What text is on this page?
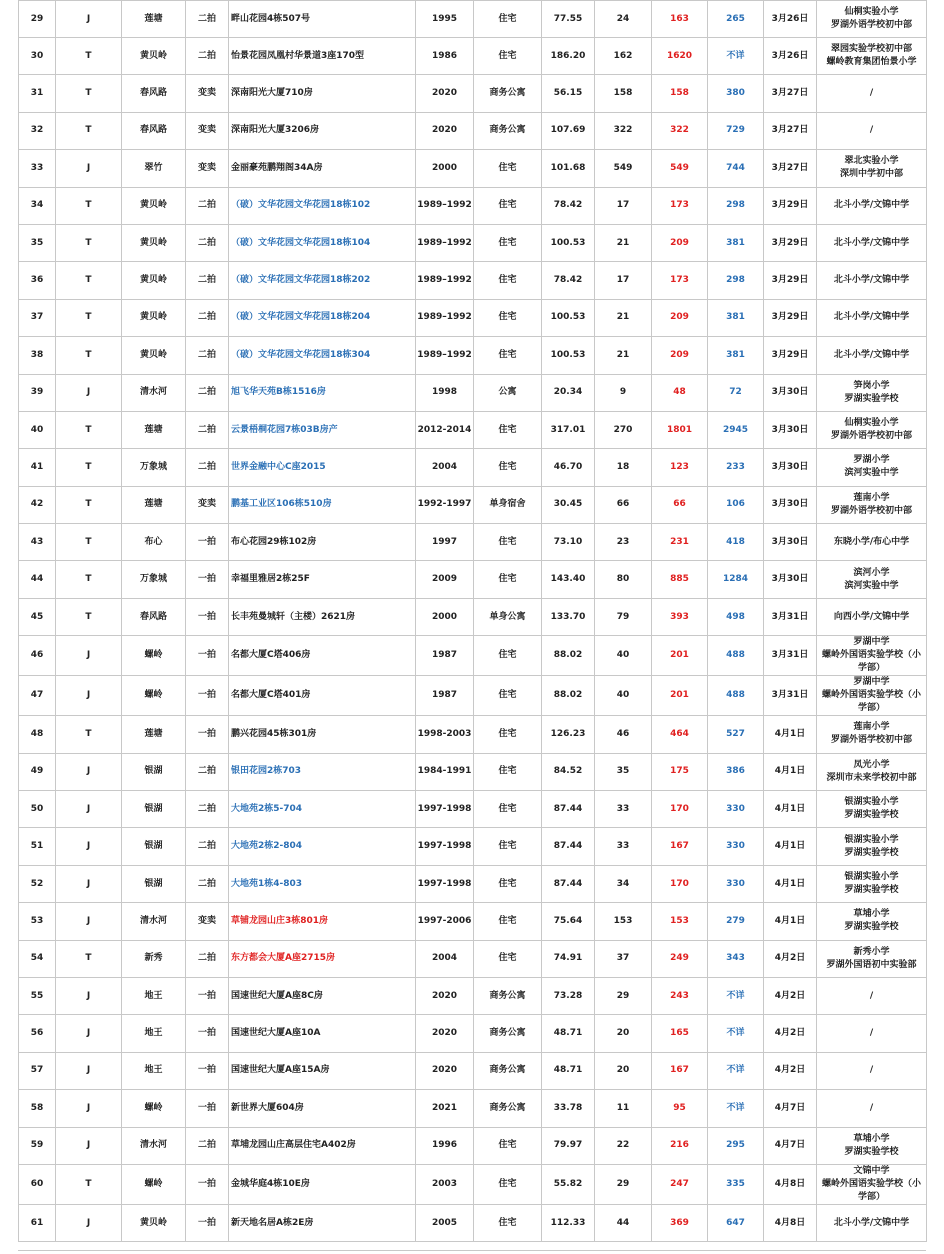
29	J	莲塘	二拍	畔山花园4栋507号	1995	住宅	77.55	24	163	265	3月26日	仙桐实验小学
罗湖外语学校初中部

30	T	黄贝岭	二拍	怡景花园凤凰村华景道3座170型	1986	住宅	186.20	162	1620	不详	3月26日	翠园实验学校初中部
螺岭教育集团怡景小学

31	T	春风路	变卖	深南阳光大厦710房	2020	商务公寓	56.15	158	158	380	3月27日	/

32	T	春风路	变卖	深南阳光大厦3206房	2020	商务公寓	107.69	322	322	729	3月27日	/

33	J	翠竹	变卖	金丽豪苑鹏翔阁34A房	2000	住宅	101.68	549	549	744	3月27日	翠北实验小学
深圳中学初中部

34	T	黄贝岭	二拍	（破）文华花园文华花园18栋102	1989–1992	住宅	78.42	17	173	298	3月29日	北斗小学/文锦中学

35	T	黄贝岭	二拍	（破）文华花园文华花园18栋104	1989–1992	住宅	100.53	21	209	381	3月29日	北斗小学/文锦中学

36	T	黄贝岭	二拍	（破）文华花园文华花园18栋202	1989–1992	住宅	78.42	17	173	298	3月29日	北斗小学/文锦中学

37	T	黄贝岭	二拍	（破）文华花园文华花园18栋204	1989–1992	住宅	100.53	21	209	381	3月29日	北斗小学/文锦中学

38	T	黄贝岭	二拍	（破）文华花园文华花园18栋304	1989–1992	住宅	100.53	21	209	381	3月29日	北斗小学/文锦中学

39	J	清水河	二拍	旭飞华天苑B栋1516房	1998	公寓	20.34	9	48	72	3月30日	笋岗小学
罗湖实验学校

40	T	莲塘	二拍	云景梧桐花园7栋03B房产	2012-2014	住宅	317.01	270	1801	2945	3月30日	仙桐实验小学
罗湖外语学校初中部

41	T	万象城	二拍	世界金融中心C座2015	2004	住宅	46.70	18	123	233	3月30日	罗湖小学
滨河实验中学

42	T	莲塘	变卖	鹏基工业区106栋510房	1992-1997	单身宿舍	30.45	66	66	106	3月30日	莲南小学
罗湖外语学校初中部

43	T	布心	一拍	布心花园29栋102房	1997	住宅	73.10	23	231	418	3月30日	东晓小学/布心中学

44	T	万象城	一拍	幸福里雅居2栋25F	2009	住宅	143.40	80	885	1284	3月30日	滨河小学
滨河实验中学

45	T	春风路	一拍	长丰苑曼城轩（主楼）2621房	2000	单身公寓	133.70	79	393	498	3月31日	向西小学/文锦中学

46	J	螺岭	一拍	名都大厦C塔406房	1987	住宅	88.02	40	201	488	3月31日	罗湖中学
螺岭外国语实验学校（小学部）

47	J	螺岭	一拍	名都大厦C塔401房	1987	住宅	88.02	40	201	488	3月31日	罗湖中学
螺岭外国语实验学校（小学部）

48	T	莲塘	一拍	鹏兴花园45栋301房	1998-2003	住宅	126.23	46	464	527	4月1日	莲南小学
罗湖外语学校初中部

49	J	银湖	二拍	银田花园2栋703	1984-1991	住宅	84.52	35	175	386	4月1日	凤光小学
深圳市未来学校初中部

50	J	银湖	二拍	大地苑2栋5-704	1997-1998	住宅	87.44	33	170	330	4月1日	银湖实验小学
罗湖实验学校

51	J	银湖	二拍	大地苑2栋2-804	1997-1998	住宅	87.44	33	167	330	4月1日	银湖实验小学
罗湖实验学校

52	J	银湖	二拍	大地苑1栋4-803	1997-1998	住宅	87.44	34	170	330	4月1日	银湖实验小学
罗湖实验学校

53	J	清水河	变卖	草铺龙园山庄3栋801房	1997-2006	住宅	75.64	153	153	279	4月1日	草埔小学
罗湖实验学校

54	T	新秀	二拍	东方都会大厦A座2715房	2004	住宅	74.91	37	249	343	4月2日	新秀小学
罗湖外国语初中实验部

55	J	地王	一拍	国速世纪大厦A座8C房	2020	商务公寓	73.28	29	243	不详	4月2日	/

56	J	地王	一拍	国速世纪大厦A座10A	2020	商务公寓	48.71	20	165	不详	4月2日	/

57	J	地王	一拍	国速世纪大厦A座15A房	2020	商务公寓	48.71	20	167	不详	4月2日	/

58	J	螺岭	一拍	新世界大厦604房	2021	商务公寓	33.78	11	95	不详	4月7日	/

59	J	清水河	二拍	草埔龙园山庄高层住宅A402房	1996	住宅	79.97	22	216	295	4月7日	草埔小学
罗湖实验学校

60	T	螺岭	一拍	金城华庭4栋10E房	2003	住宅	55.82	29	247	335	4月8日	文锦中学
螺岭外国语实验学校（小学部）

61	J	黄贝岭	一拍	新天地名居A栋2E房	2005	住宅	112.33	44	369	647	4月8日	北斗小学/文锦中学
